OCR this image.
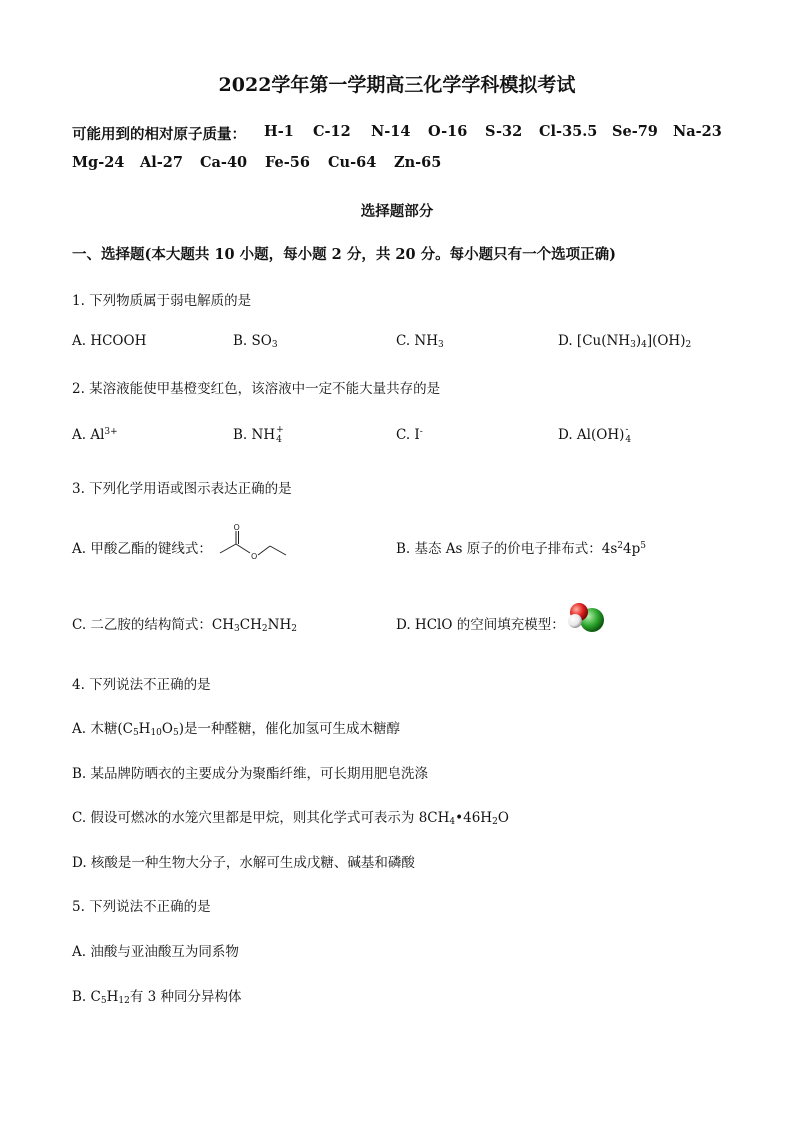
2022学年第一学期高三化学学科模拟考试
可能用到的相对原子质量： H-1 C-12 N-14 O-16 S-32 Cl-35.5 Se-79 Na-23
Mg-24 Al-27 Ca-40 Fe-56 Cu-64 Zn-65
选择题部分
一、选择题(本大题共 10 小题，每小题 2 分，共 20 分。每小题只有一个选项正确)
1. 下列物质属于弱电解质的是
A. HCOOH	B. $SO_3$	C. $NH_3$	D. $[Cu(NH_3)_4](OH)_2$
2. 某溶液能使甲基橙变红色，该溶液中一定不能大量共存的是
A. $Al^{3+}$	B. NH +
4	C. I-	D. Al(OH) -
4
3. 下列化学用语或图示表达正确的是
A. 甲酸乙酯的键线式：
O
O	B. 基态 As 原子的价电子排布式：$4s^24p^5$
C. 二乙胺的结构简式：$CH_3CH_2NH_2$	D. HClO 的空间填充模型：
4. 下列说法不正确的是
A. 木糖$(C_5H_{10}O_5)$是一种醛糖，催化加氢可生成木糖醇
B. 某品牌防晒衣的主要成分为聚酯纤维，可长期用肥皂洗涤
C. 假设可燃冰的水笼穴里都是甲烷，则其化学式可表示为 $8CH_4•46H_2O$
D. 核酸是一种生物大分子，水解可生成戊糖、碱基和磷酸
5. 下列说法不正确的是
A. 油酸与亚油酸互为同系物
B. $C_5H_{12}$有 3 种同分异构体
